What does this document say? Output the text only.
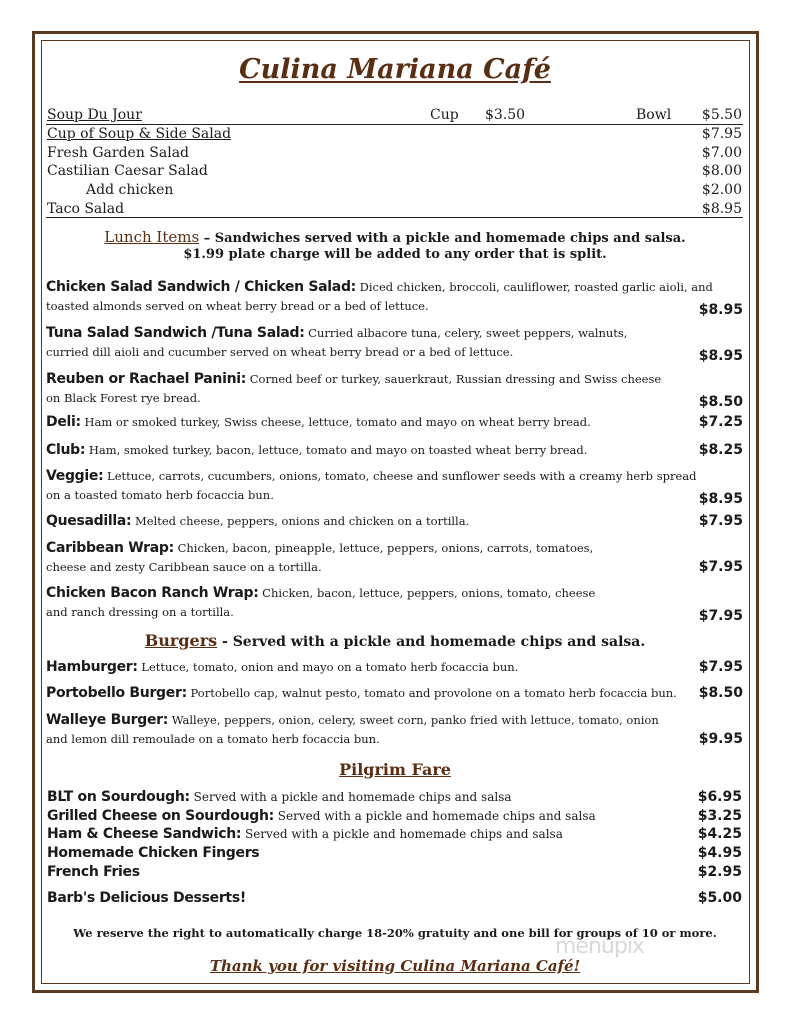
Culina Mariana Café
Soup Du Jour	Cup $3.50	Bowl $5.50
Cup of Soup & Side Salad	$7.95
Fresh Garden Salad	$7.00
Castilian Caesar Salad	$8.00
Add chicken	$2.00
Taco Salad	$8.95
Lunch Items – Sandwiches served with a pickle and homemade chips and salsa.
$1.99 plate charge will be added to any order that is split.
Chicken Salad Sandwich / Chicken Salad: Diced chicken, broccoli, cauliflower, roasted garlic aioli, and
toasted almonds served on wheat berry bread or a bed of lettuce.	$8.95
Tuna Salad Sandwich /Tuna Salad: Curried albacore tuna, celery, sweet peppers, walnuts,
curried dill aioli and cucumber served on wheat berry bread or a bed of lettuce.	$8.95
Reuben or Rachael Panini: Corned beef or turkey, sauerkraut, Russian dressing and Swiss cheese
on Black Forest rye bread.	$8.50
Deli: Ham or smoked turkey, Swiss cheese, lettuce, tomato and mayo on wheat berry bread.	$7.25
Club: Ham, smoked turkey, bacon, lettuce, tomato and mayo on toasted wheat berry bread.	$8.25
Veggie: Lettuce, carrots, cucumbers, onions, tomato, cheese and sunflower seeds with a creamy herb spread
on a toasted tomato herb focaccia bun.	$8.95
Quesadilla: Melted cheese, peppers, onions and chicken on a tortilla.	$7.95
Caribbean Wrap: Chicken, bacon, pineapple, lettuce, peppers, onions, carrots, tomatoes,
cheese and zesty Caribbean sauce on a tortilla.	$7.95
Chicken Bacon Ranch Wrap: Chicken, bacon, lettuce, peppers, onions, tomato, cheese
and ranch dressing on a tortilla.	$7.95
Burgers - Served with a pickle and homemade chips and salsa.
Hamburger: Lettuce, tomato, onion and mayo on a tomato herb focaccia bun.	$7.95
Portobello Burger: Portobello cap, walnut pesto, tomato and provolone on a tomato herb focaccia bun. $8.50
Walleye Burger: Walleye, peppers, onion, celery, sweet corn, panko fried with lettuce, tomato, onion
and lemon dill remoulade on a tomato herb focaccia bun.	$9.95
Pilgrim Fare
BLT on Sourdough: Served with a pickle and homemade chips and salsa	$6.95
Grilled Cheese on Sourdough: Served with a pickle and homemade chips and salsa	$3.25
Ham & Cheese Sandwich: Served with a pickle and homemade chips and salsa	$4.25
Homemade Chicken Fingers	$4.95
French Fries	$2.95
Barb's Delicious Desserts!	$5.00
We reserve the right to automatically charge 18-20% gratuity and one bill for groups of 10 or more.
Thank you for visiting Culina Mariana Café!
menupix
